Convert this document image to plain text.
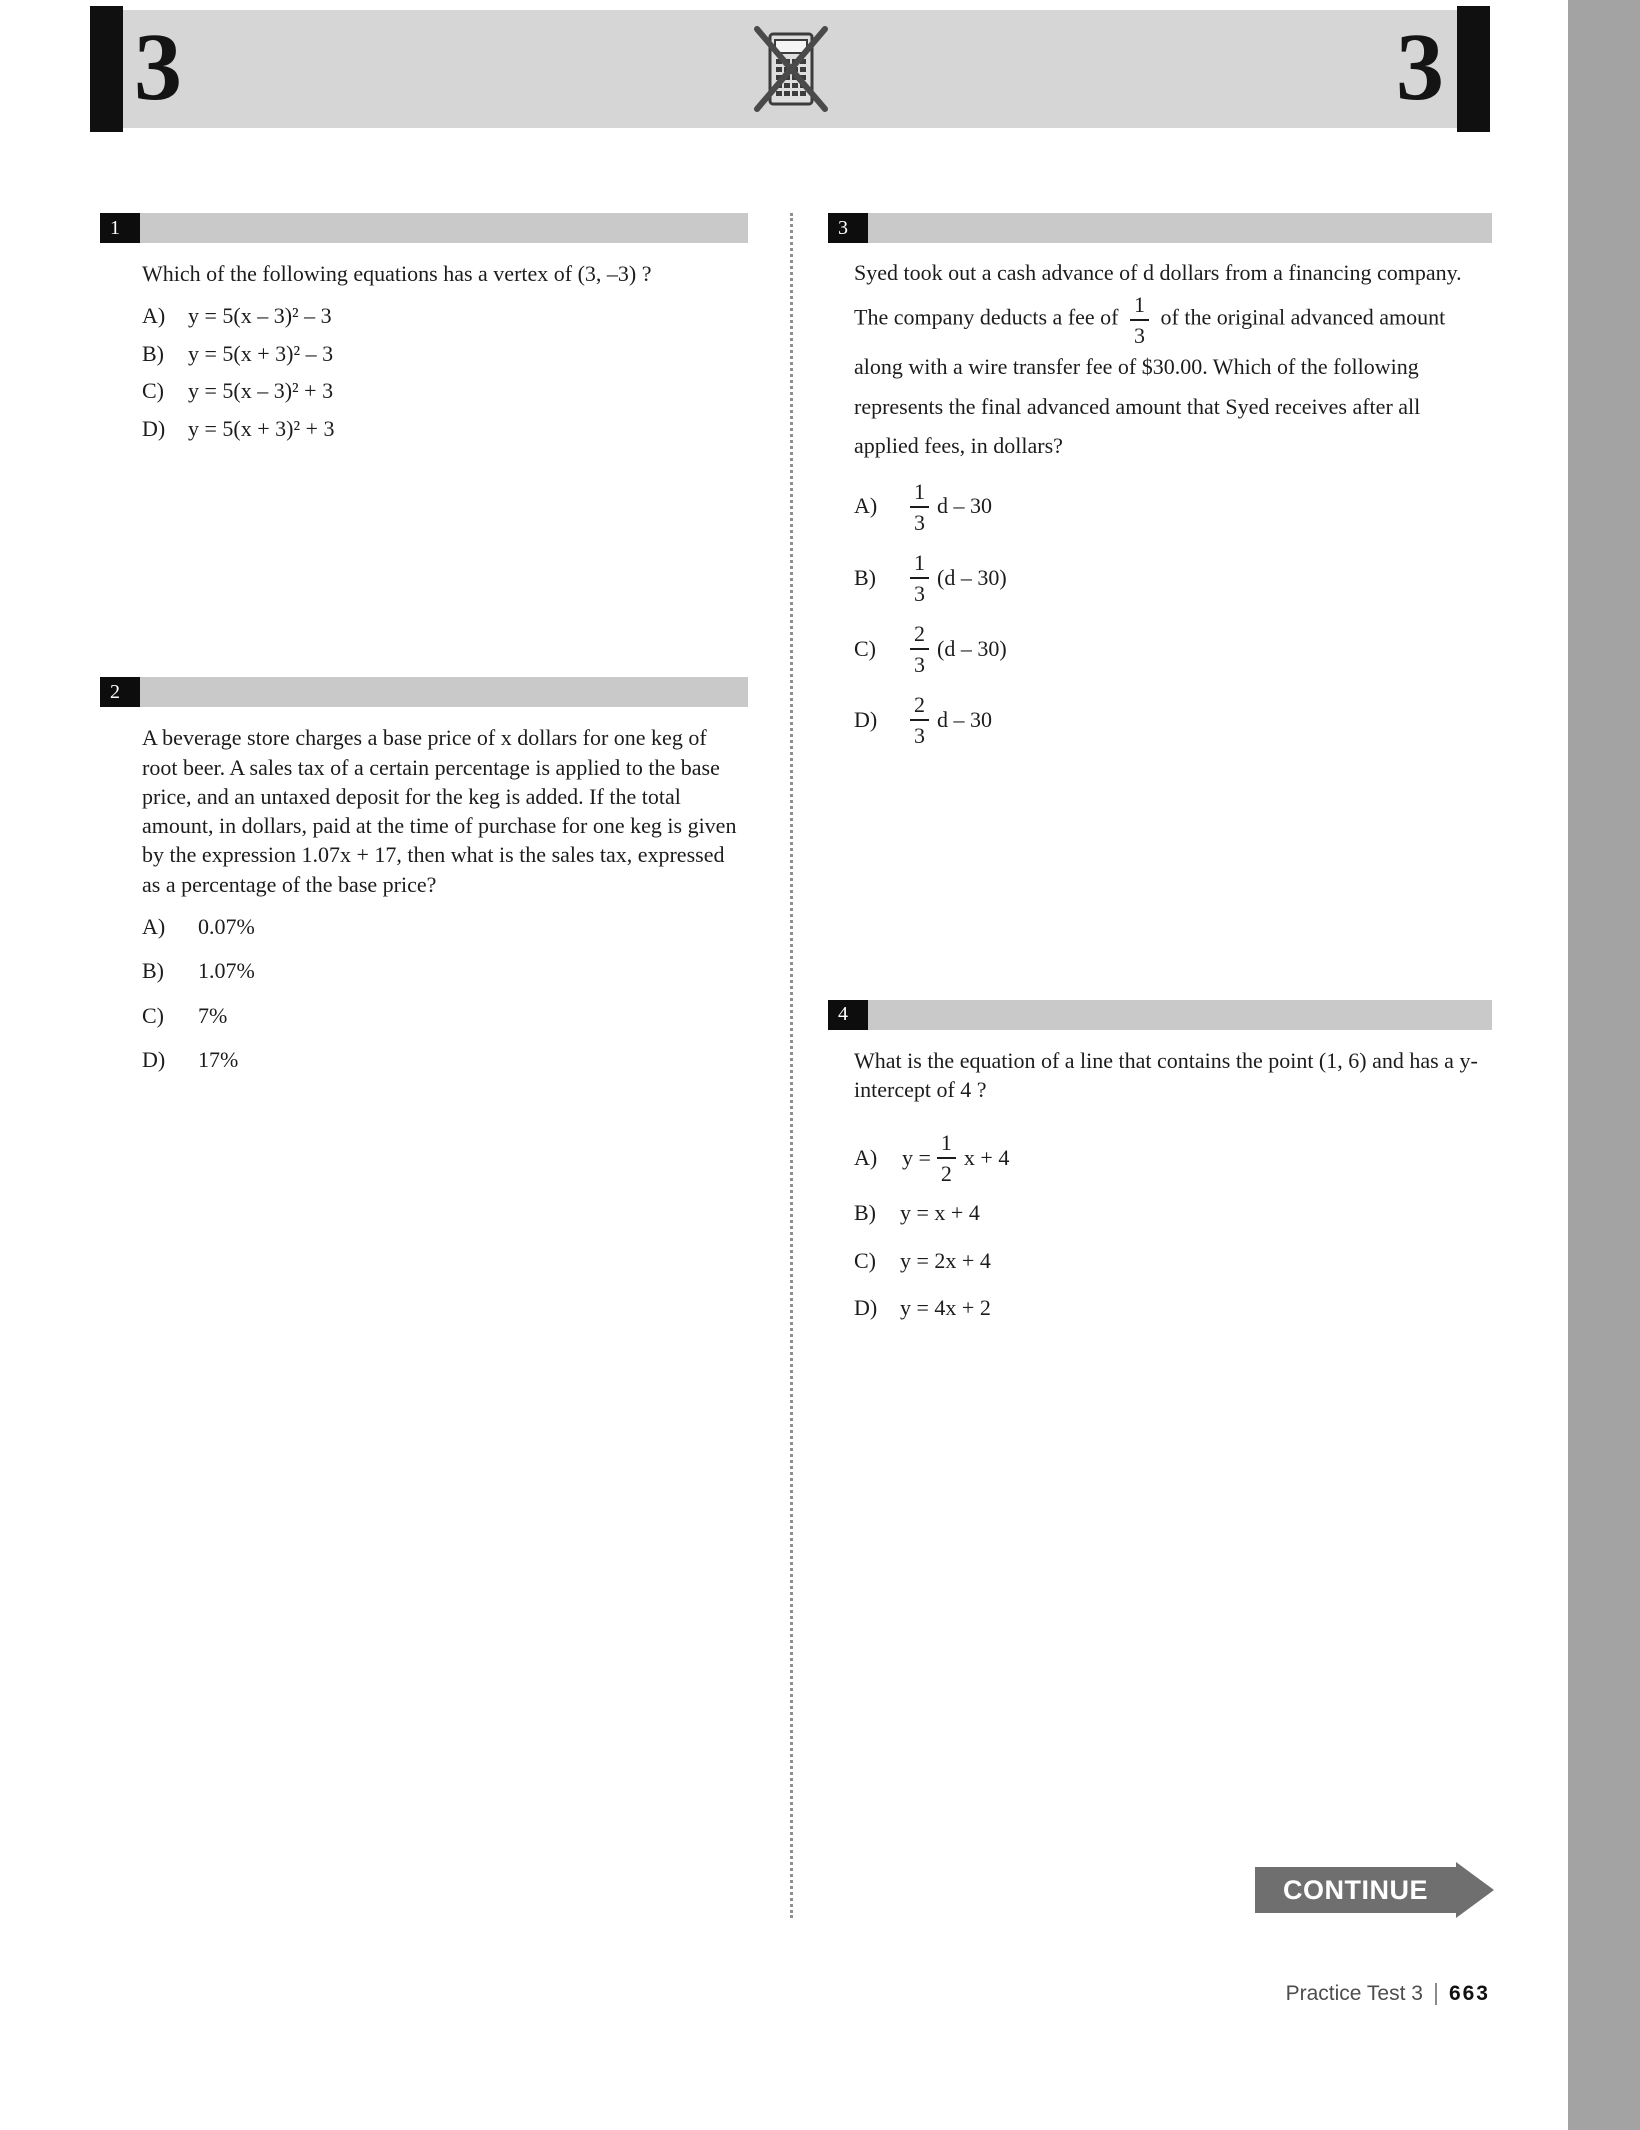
3	3
1

Which of the following equations has a vertex of (3, –3) ?

A)	y = 5(x – 3)² – 3
B)	y = 5(x + 3)² – 3
C)	y = 5(x – 3)² + 3
D)	y = 5(x + 3)² + 3
2

A beverage store charges a base price of x dollars for one keg of root beer. A sales tax of a certain percentage is applied to the base price, and an untaxed deposit for the keg is added. If the total amount, in dollars, paid at the time of purchase for one keg is given by the expression 1.07x + 17, then what is the sales tax, expressed as a percentage of the base price?

A)	0.07%
B)	1.07%
C)	7%
D)	17%
3

Syed took out a cash advance of d dollars from a financing company. The company deducts a fee of $\frac{1}{3}$ of the original advanced amount along with a wire transfer fee of $30.00. Which of the following represents the final advanced amount that Syed receives after all applied fees, in dollars?

A)	$\frac{1}{3}$ d – 30
B)	$\frac{1}{3} (d - 30)$
C)	$\frac{2}{3} (d - 30)$
D)	$\frac{2}{3}$ d – 30
4

What is the equation of a line that contains the point (1, 6) and has a y-intercept of 4 ?

A)	$y = \frac{1}{2}$ x + 4
B)	y = x + 4
C)	y = 2x + 4
D)	y = 4x + 2
CONTINUE
Practice Test 3 663
